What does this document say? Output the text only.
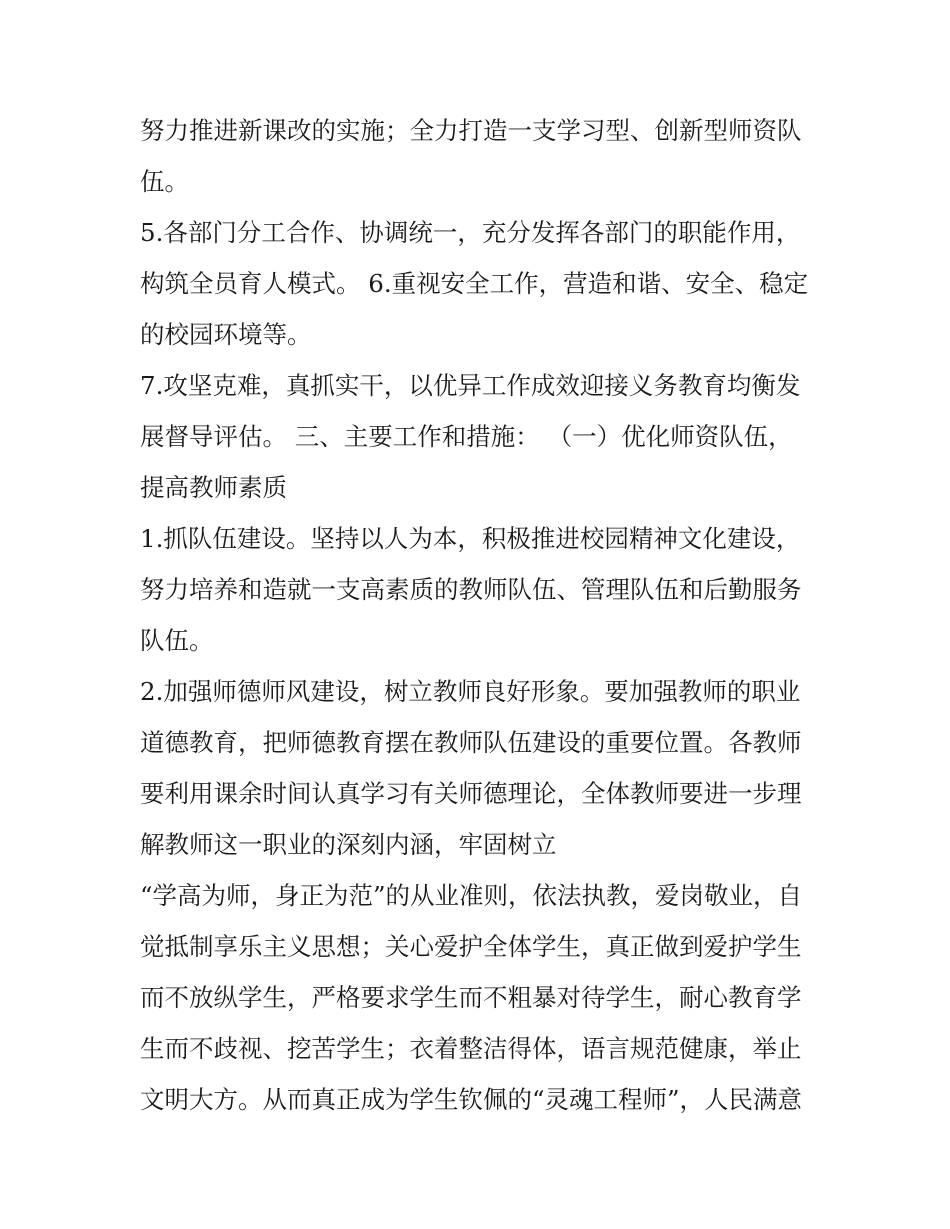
努力推进新课改的实施；全力打造一支学习型、创新型师资队
伍。
5.各部门分工合作、协调统一，充分发挥各部门的职能作用，
构筑全员育人模式。 6.重视安全工作，营造和谐、安全、稳定
的校园环境等。
7.攻坚克难，真抓实干，以优异工作成效迎接义务教育均衡发
展督导评估。 三、主要工作和措施： （一）优化师资队伍，
提高教师素质
1.抓队伍建设。坚持以人为本，积极推进校园精神文化建设，
努力培养和造就一支高素质的教师队伍、管理队伍和后勤服务
队伍。
2.加强师德师风建设，树立教师良好形象。要加强教师的职业
道德教育，把师德教育摆在教师队伍建设的重要位置。各教师
要利用课余时间认真学习有关师德理论，全体教师要进一步理
解教师这一职业的深刻内涵，牢固树立
“学高为师，身正为范”的从业准则，依法执教，爱岗敬业，自
觉抵制享乐主义思想；关心爱护全体学生，真正做到爱护学生
而不放纵学生，严格要求学生而不粗暴对待学生，耐心教育学
生而不歧视、挖苦学生；衣着整洁得体，语言规范健康，举止
文明大方。从而真正成为学生钦佩的“灵魂工程师”，人民满意
